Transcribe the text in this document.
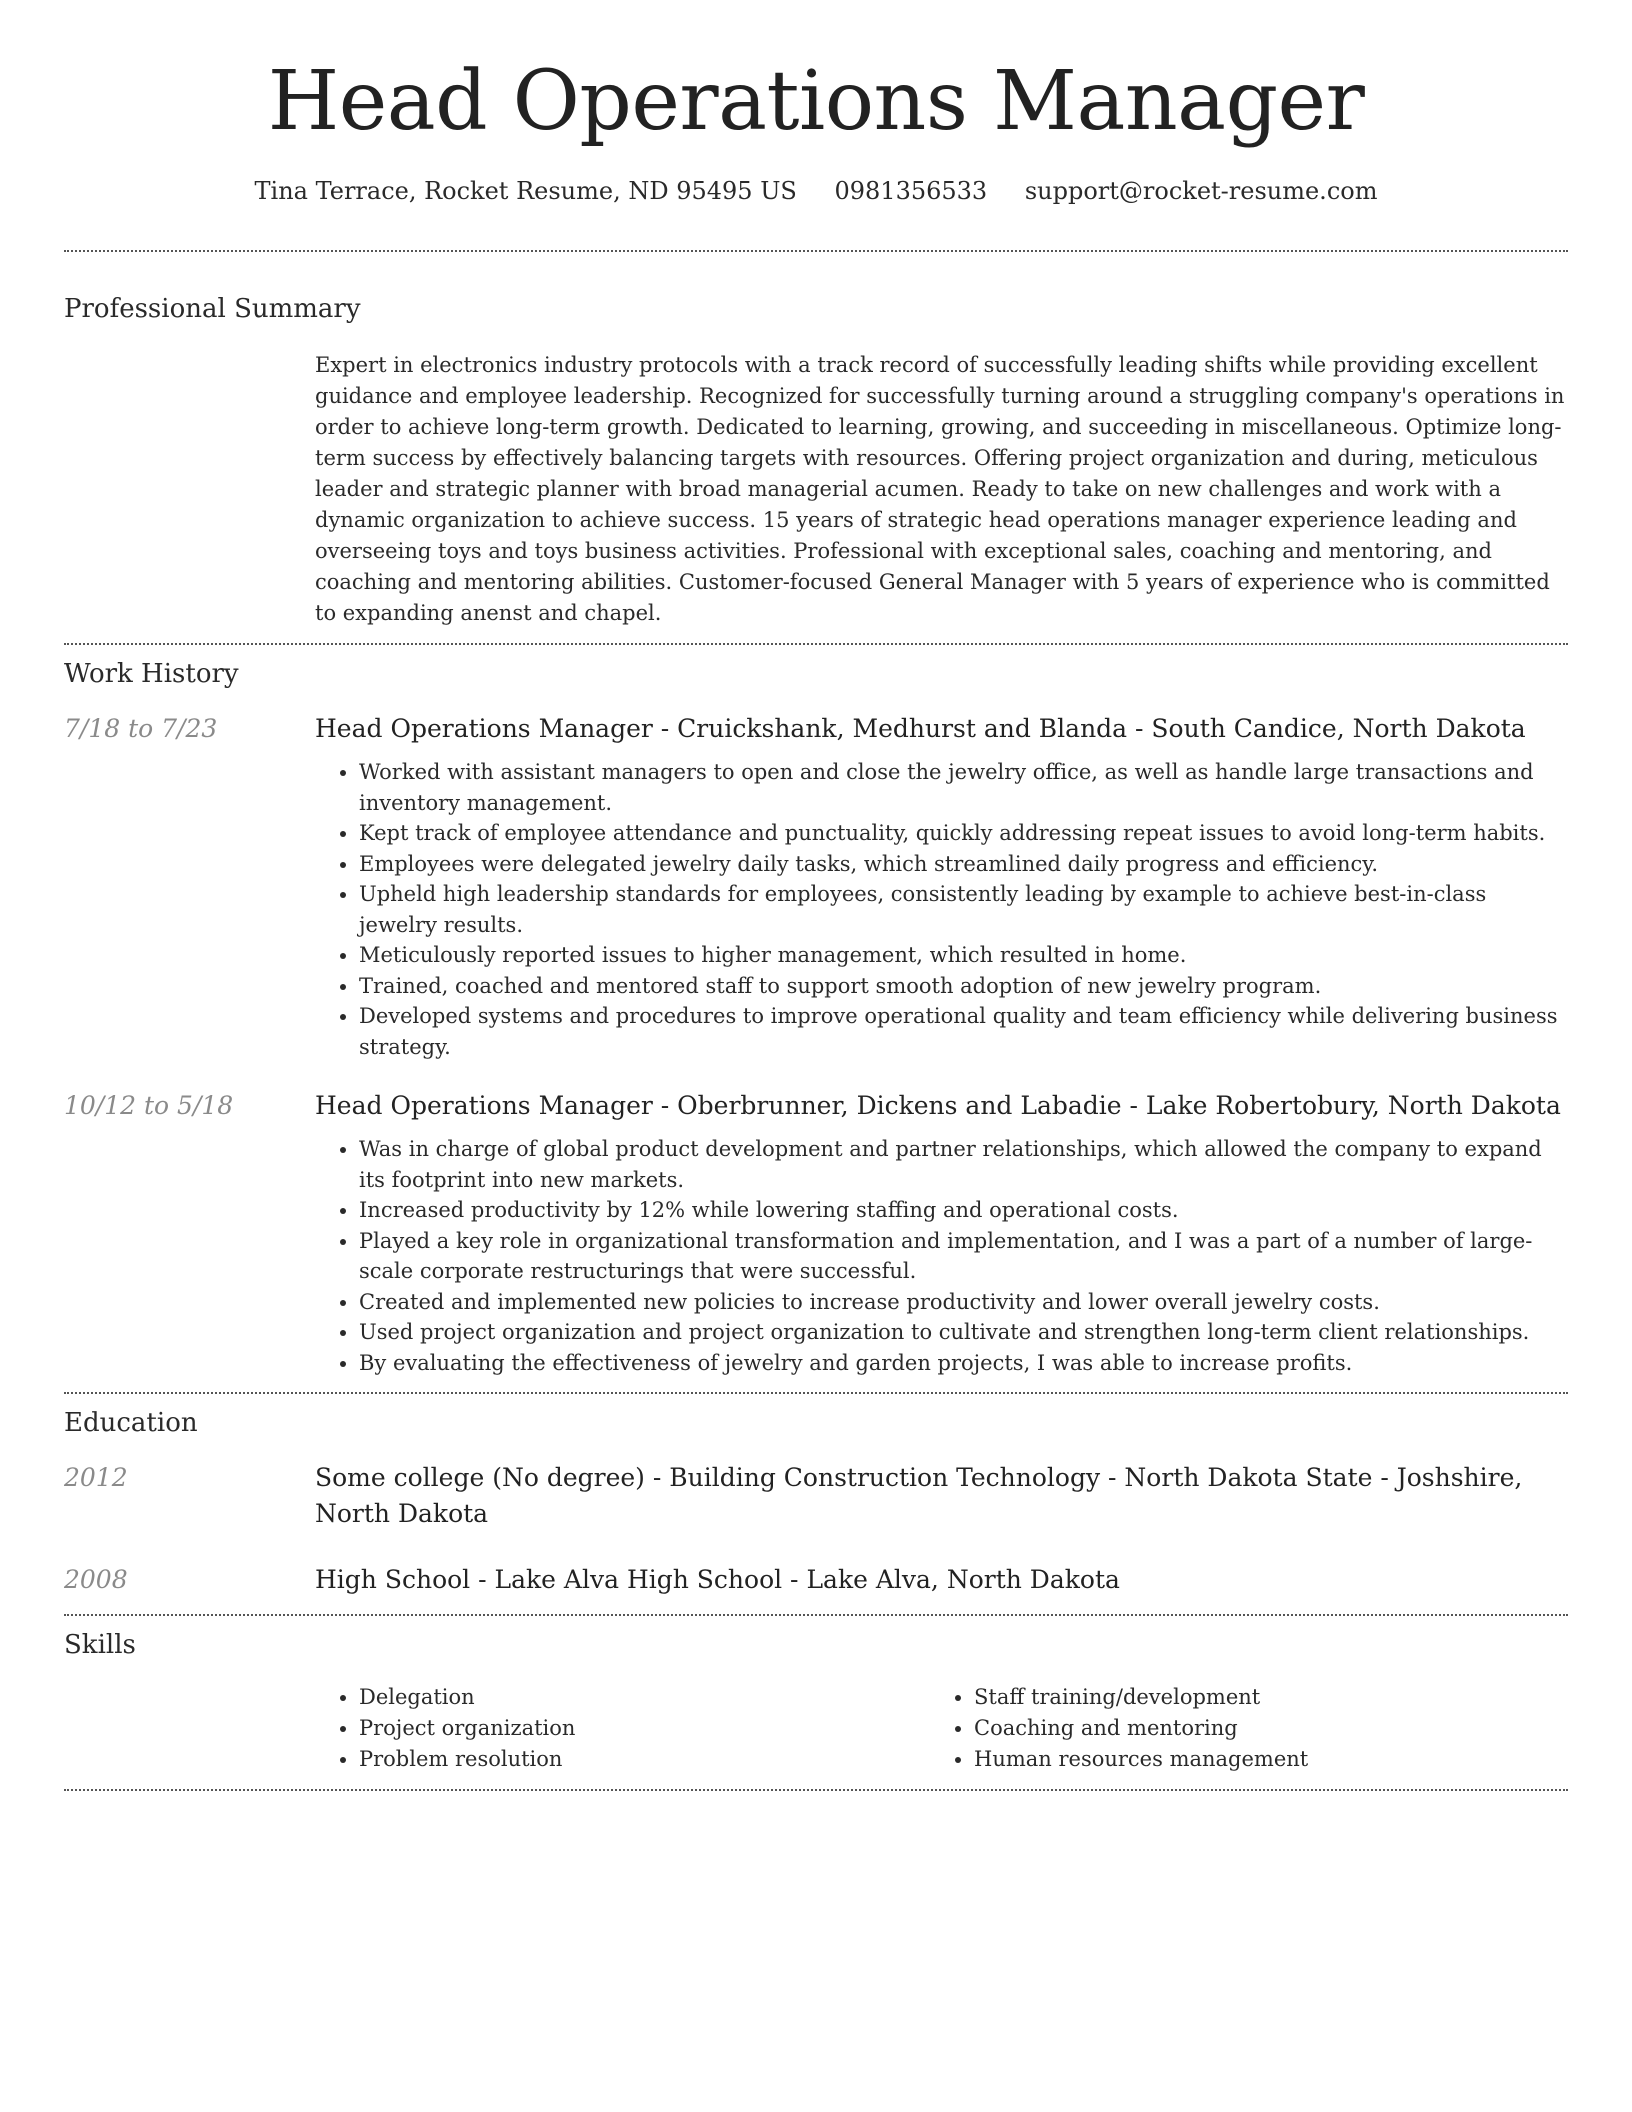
Head Operations Manager
Tina Terrace, Rocket Resume, ND 95495 US 0981356533 support@rocket-resume.com
Professional Summary

Expert in electronics industry protocols with a track record of successfully leading shifts while providing excellent guidance and employee leadership. Recognized for successfully turning around a struggling company's operations in order to achieve long-term growth. Dedicated to learning, growing, and succeeding in miscellaneous. Optimize long-term success by effectively balancing targets with resources. Offering project organization and during, meticulous leader and strategic planner with broad managerial acumen. Ready to take on new challenges and work with a dynamic organization to achieve success. 15 years of strategic head operations manager experience leading and overseeing toys and toys business activities. Professional with exceptional sales, coaching and mentoring, and coaching and mentoring abilities. Customer-focused General Manager with 5 years of experience who is committed to expanding anenst and chapel.

Work History
7/18 to 7/23	Head Operations Manager - Cruickshank, Medhurst and Blanda - South Candice, North Dakota

• Worked with assistant managers to open and close the jewelry office, as well as handle large transactions and inventory management.
• Kept track of employee attendance and punctuality, quickly addressing repeat issues to avoid long-term habits.
• Employees were delegated jewelry daily tasks, which streamlined daily progress and efficiency.
• Upheld high leadership standards for employees, consistently leading by example to achieve best-in-class jewelry results.
• Meticulously reported issues to higher management, which resulted in home.
• Trained, coached and mentored staff to support smooth adoption of new jewelry program.
• Developed systems and procedures to improve operational quality and team efficiency while delivering business strategy.
10/12 to 5/18	Head Operations Manager - Oberbrunner, Dickens and Labadie - Lake Robertobury, North Dakota

• Was in charge of global product development and partner relationships, which allowed the company to expand its footprint into new markets.
• Increased productivity by 12% while lowering staffing and operational costs.
• Played a key role in organizational transformation and implementation, and I was a part of a number of large-scale corporate restructurings that were successful.
• Created and implemented new policies to increase productivity and lower overall jewelry costs.
• Used project organization and project organization to cultivate and strengthen long-term client relationships.
• By evaluating the effectiveness of jewelry and garden projects, I was able to increase profits.
Education
2012	Some college (No degree) - Building Construction Technology - North Dakota State - Joshshire, North Dakota

2008	High School - Lake Alva High School - Lake Alva, North Dakota

Skills
• Delegation
• Project organization
• Problem resolution
• Staff training/development
• Coaching and mentoring
• Human resources management
